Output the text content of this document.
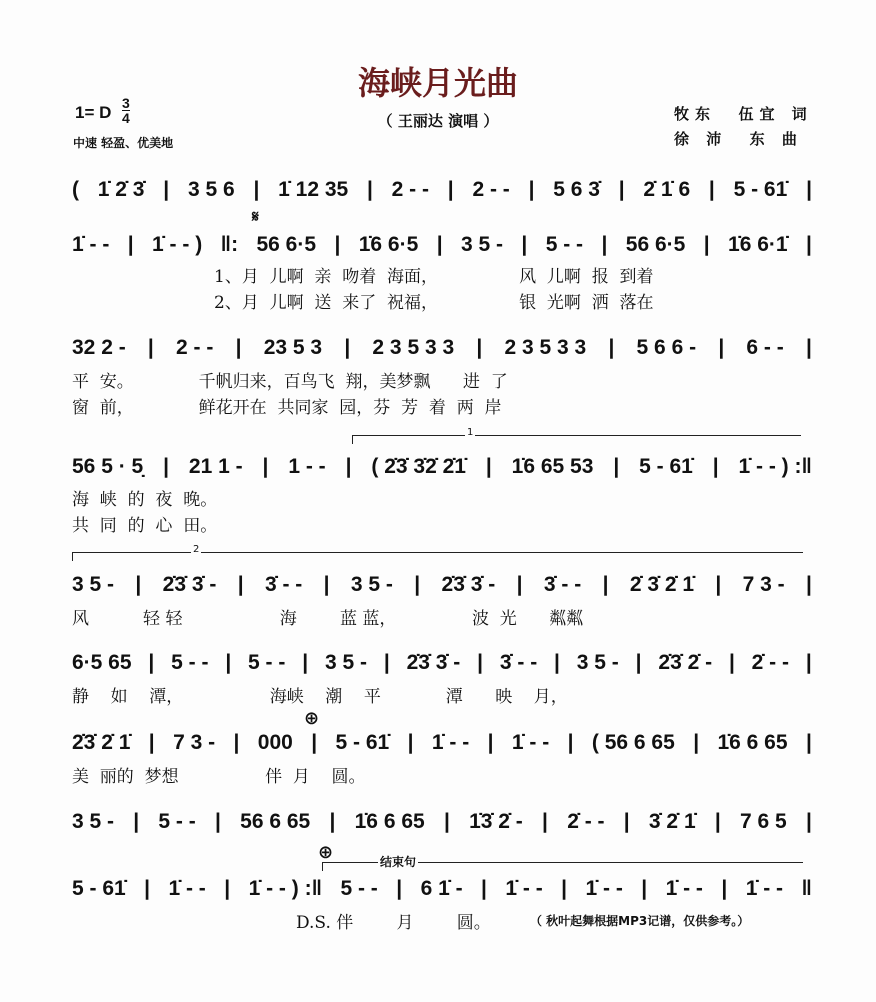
海峡月光曲
（ 王丽达 演唱 ）
1= D 3
4
中速 轻盈、优美地
牧东  伍宜 词
徐 沛  东 曲
( 1̇ 2̇ 3̇ | 3 5 6 | 1̇ 12 35 | 2 - - | 2 - - | 5 6 3̇ | 2̇ 1̇ 6 | 5 - 61̇ |
1̇ - - | 1̇ - - ) ‖: 56 6·5 | 1̇6 6·5 | 3 5 - | 5 - - | 56 6·5 | 1̇6 6·1̇ |
1、月  儿啊  亲  吻着  海面，               风  儿啊  报  到着
2、月  儿啊  送  来了  祝福，               银  光啊  洒  落在
32 2 - | 2 - - | 23 5 3 | 2 3 5 3 3 | 2 3 5 3 3 | 5 6 6 - | 6 - - |
平  安。            千帆归来，百鸟飞  翔，美梦飘      进  了
窗  前，            鲜花开在  共同家  园，芬  芳  着  两  岸
56 5 · 5̣ | 21 1 - | 1 - - | ( 2̇3̇ 3̇2̇ 2̇1̇ | 1̇6 65 53 | 5 - 61̇ | 1̇ - - ) :‖
海  峡  的  夜  晚。
共  同  的  心  田。
1
3 5 - | 2̇3̇ 3̇ - | 3̇ - - | 3 5 - | 2̇3̇ 3̇ - | 3̇ - - | 2̇ 3̇ 2̇ 1̇ | 7 3 - |
风          轻 轻                  海        蓝 蓝，              波  光      粼粼
2
6·5 65 | 5 - - | 5 - - | 3 5 - | 2̇3̇ 3̇ - | 3̇ - - | 3 5 - | 2̇3̇ 2̇ - | 2̇ - - |
静    如    潭，                海峡    潮    平            潭      映    月，
2̇3̇ 2̇ 1̇ | 7 3 - | 000 | 5 - 61̇ | 1̇ - - | 1̇ - - | ( 56 6 65 | 1̇6 6 65 |
美  丽的  梦想                伴  月    圆。
3 5 - | 5 - - | 56 6 65 | 1̇6 6 65 | 1̇3̇ 2̇ - | 2̇ - - | 3̇ 2̇ 1̇ | 7 6 5 |
5 - 61̇ | 1̇ - - | 1̇ - - ) :‖ 5 - - | 6 1̇ - | 1̇ - - | 1̇ - - | 1̇ - - | 1̇ - - ‖
D.S. 伴        月        圆。
⊕	结束句
（ 秋叶起舞根据MP3记谱，仅供参考。）
⊕
𝄋
